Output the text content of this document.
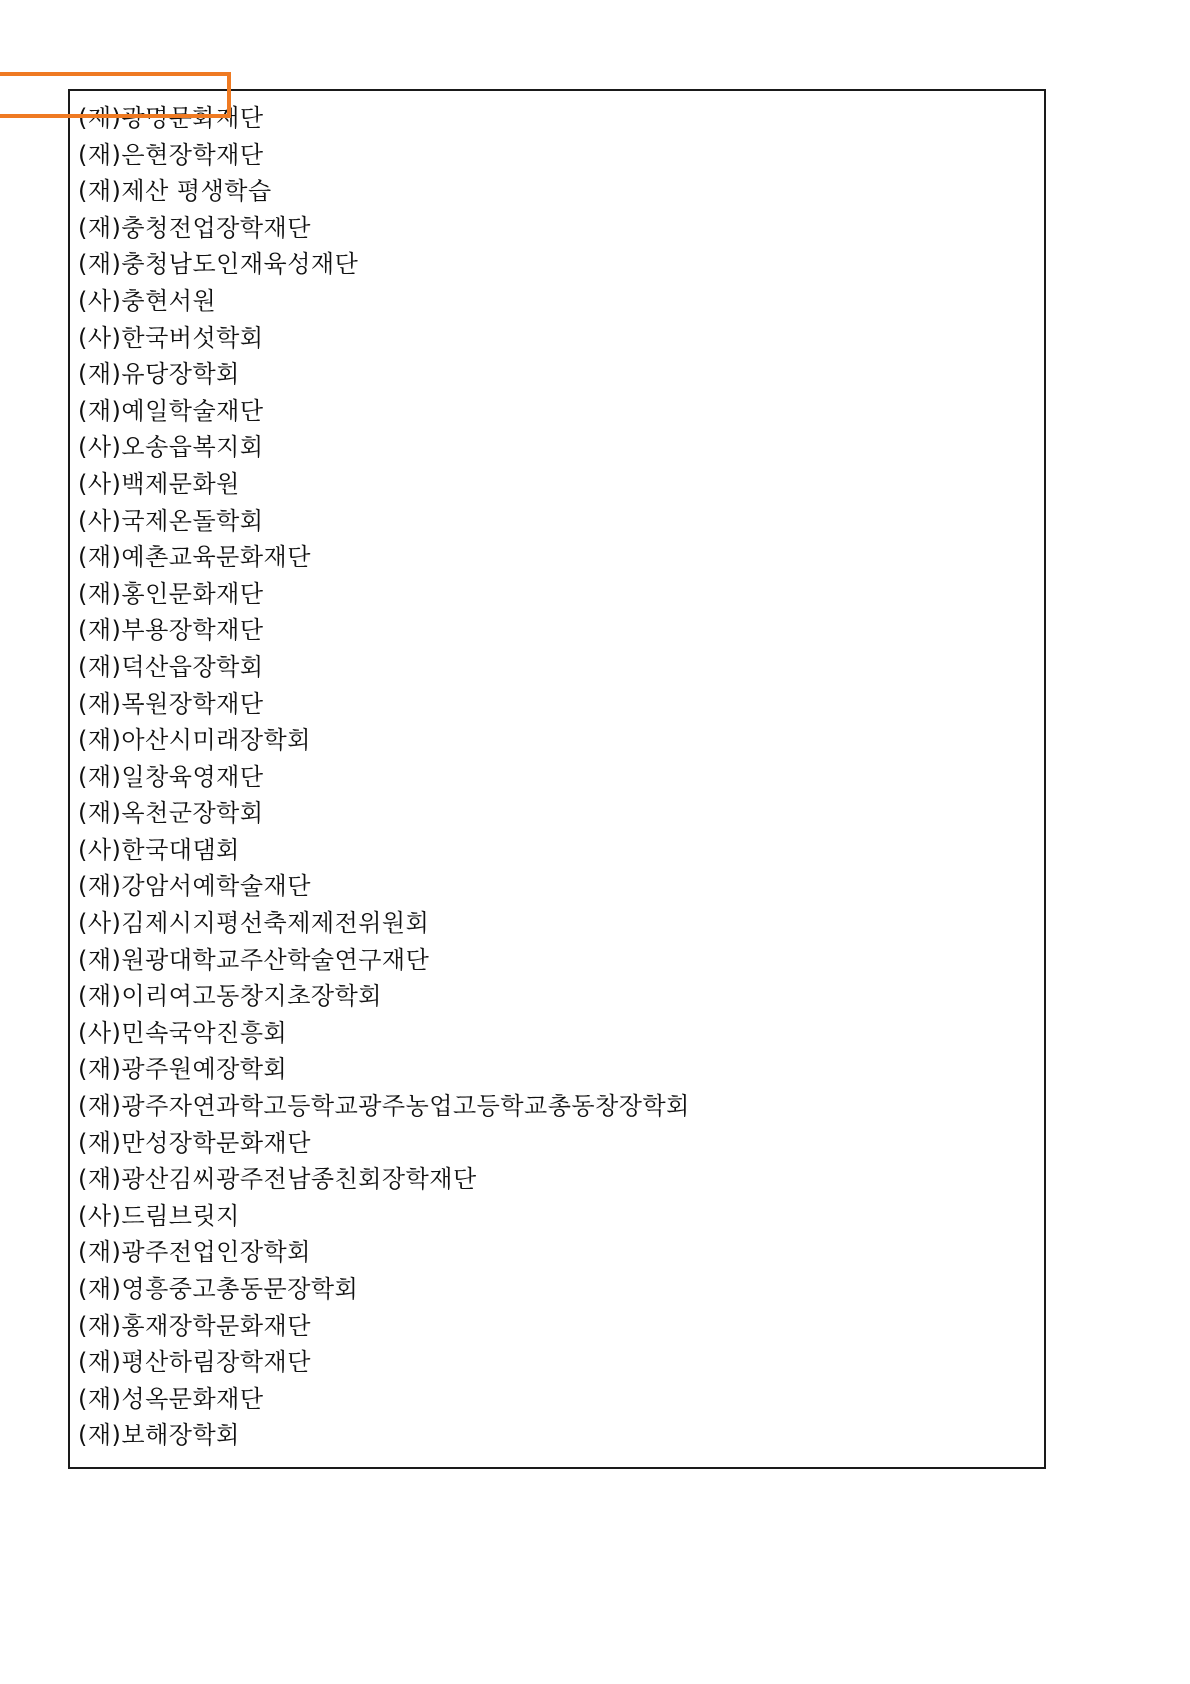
(재)광명문화재단
(재)은현장학재단
(재)제산 평생학습
(재)충청전업장학재단
(재)충청남도인재육성재단
(사)충현서원
(사)한국버섯학회
(재)유당장학회
(재)예일학술재단
(사)오송읍복지회
(사)백제문화원
(사)국제온돌학회
(재)예촌교육문화재단
(재)홍인문화재단
(재)부용장학재단
(재)덕산읍장학회
(재)목원장학재단
(재)아산시미래장학회
(재)일창육영재단
(재)옥천군장학회
(사)한국대댐회
(재)강암서예학술재단
(사)김제시지평선축제제전위원회
(재)원광대학교주산학술연구재단
(재)이리여고동창지초장학회
(사)민속국악진흥회
(재)광주원예장학회
(재)광주자연과학고등학교광주농업고등학교총동창장학회
(재)만성장학문화재단
(재)광산김씨광주전남종친회장학재단
(사)드림브릿지
(재)광주전업인장학회
(재)영흥중고총동문장학회
(재)홍재장학문화재단
(재)평산하림장학재단
(재)성옥문화재단
(재)보해장학회
